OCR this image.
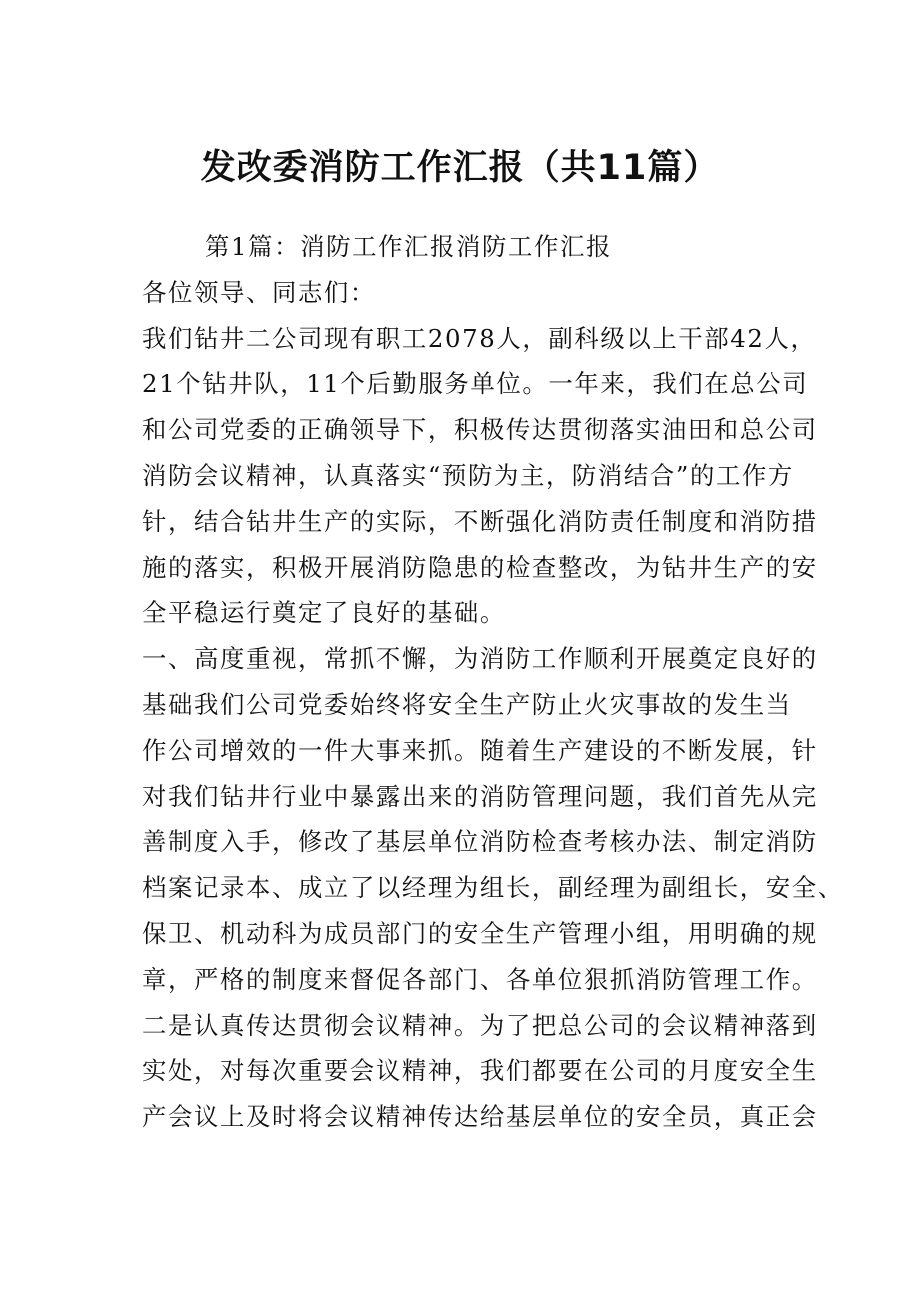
发改委消防工作汇报（共11篇）
第1篇：消防工作汇报消防工作汇报
各位领导、同志们：
我们钻井二公司现有职工2078人，副科级以上干部42人，
21个钻井队，11个后勤服务单位。一年来，我们在总公司
和公司党委的正确领导下，积极传达贯彻落实油田和总公司
消防会议精神，认真落实“预防为主，防消结合”的工作方
针，结合钻井生产的实际，不断强化消防责任制度和消防措
施的落实，积极开展消防隐患的检查整改，为钻井生产的安
全平稳运行奠定了良好的基础。
一、高度重视，常抓不懈，为消防工作顺利开展奠定良好的
基础我们公司党委始终将安全生产防止火灾事故的发生当
作公司增效的一件大事来抓。随着生产建设的不断发展，针
对我们钻井行业中暴露出来的消防管理问题，我们首先从完
善制度入手，修改了基层单位消防检查考核办法、制定消防
档案记录本、成立了以经理为组长，副经理为副组长，安全、
保卫、机动科为成员部门的安全生产管理小组，用明确的规
章，严格的制度来督促各部门、各单位狠抓消防管理工作。
二是认真传达贯彻会议精神。为了把总公司的会议精神落到
实处，对每次重要会议精神，我们都要在公司的月度安全生
产会议上及时将会议精神传达给基层单位的安全员，真正会
